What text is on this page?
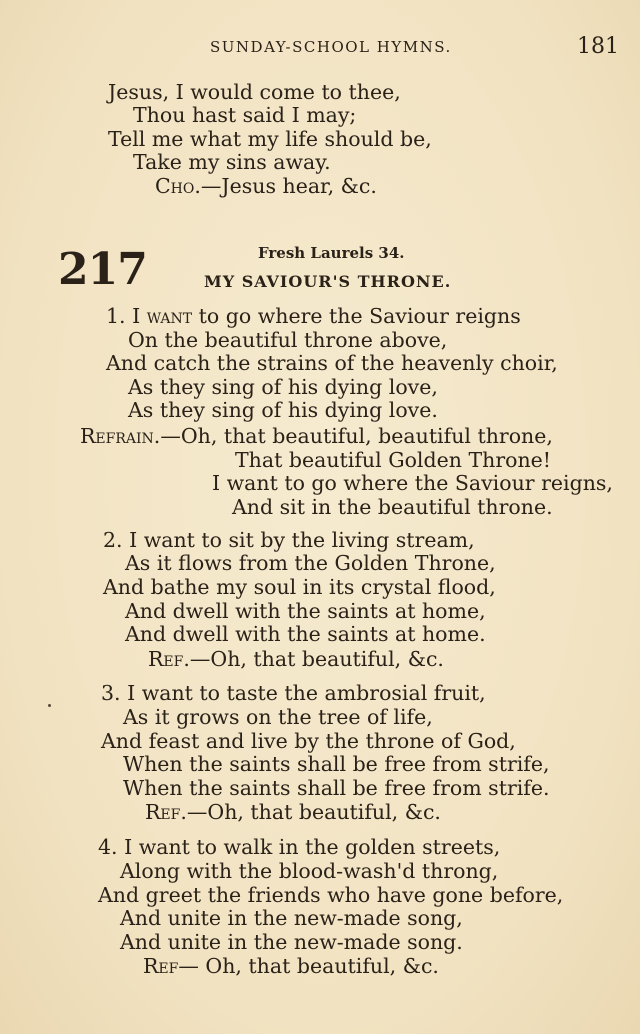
SUNDAY-SCHOOL HYMNS.	181
Jesus, I would come to thee,
Thou hast said I may;
Tell me what my life should be,
Take my sins away.
Cho.—Jesus hear, &c.
217	Fresh Laurels 34.
MY SAVIOUR'S THRONE.
1. I want to go where the Saviour reigns
On the beautiful throne above,
And catch the strains of the heavenly choir,
As they sing of his dying love,
As they sing of his dying love.
Refrain.—Oh, that beautiful, beautiful throne,
That beautiful Golden Throne!
I want to go where the Saviour reigns,
And sit in the beautiful throne.
2. I want to sit by the living stream,
As it flows from the Golden Throne,
And bathe my soul in its crystal flood,
And dwell with the saints at home,
And dwell with the saints at home.
Ref.—Oh, that beautiful, &c.
3. I want to taste the ambrosial fruit,
As it grows on the tree of life,
And feast and live by the throne of God,
When the saints shall be free from strife,
When the saints shall be free from strife.
Ref.—Oh, that beautiful, &c.
4. I want to walk in the golden streets,
Along with the blood-wash'd throng,
And greet the friends who have gone before,
And unite in the new-made song,
And unite in the new-made song.
Ref— Oh, that beautiful, &c.
